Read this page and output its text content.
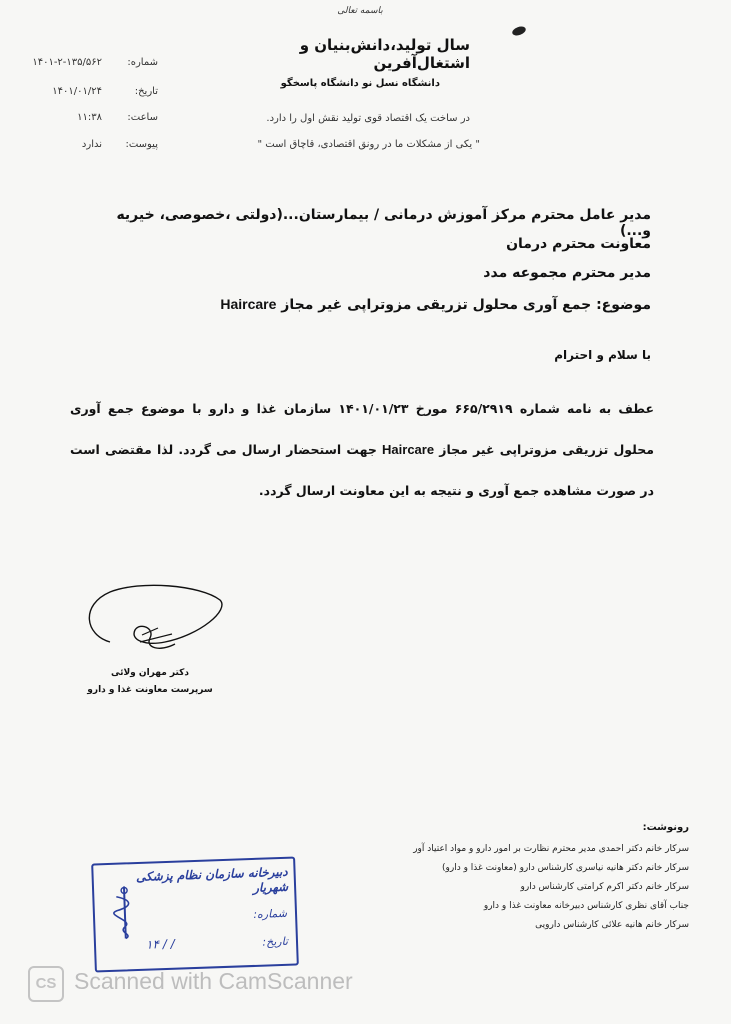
باسمه تعالی
سال تولید،دانش‌بنیان و اشتغال‌آفرین
دانشگاه نسل نو دانشگاه پاسخگو
در ساخت یک اقتصاد قوی تولید نقش اول را دارد.
" یکی از مشکلات ما در رونق اقتصادی، قاچاق است "
شماره:
۱۴۰۱-۲-۱۳۵/۵۶۲
تاریخ:
۱۴۰۱/۰۱/۲۴
ساعت:
۱۱:۳۸
پیوست:
ندارد
مدیر عامل محترم مرکز آموزش درمانی / بیمارستان...(دولتی ،خصوصی، خیریه و...)
معاونت محترم درمان
مدیر محترم مجموعه مدد
موضوع: جمع آوری محلول تزریقی مزوتراپی غیر مجاز Haircare
با سلام و احترام
عطف به نامه شماره ۶۶۵/۲۹۱۹ مورخ ۱۴۰۱/۰۱/۲۳ سازمان غذا و دارو با موضوع جمع آوری محلول تزریقی مزوتراپی غیر مجاز Haircare جهت استحضار ارسال می گردد. لذا مقتضی است در صورت مشاهده جمع آوری و نتیجه به این معاونت ارسال گردد.
دکتر مهران ولائی
سرپرست معاونت غذا و دارو
رونوشت:
سرکار خانم دکتر احمدی مدیر محترم نظارت بر امور دارو و مواد اعتیاد آور
سرکار خانم دکتر هانیه نیاسری کارشناس دارو (معاونت غذا و دارو)
سرکار خانم دکتر اکرم کرامتی کارشناس دارو
جناب آقای نظری کارشناس دبیرخانه معاونت غذا و دارو
سرکار خانم هانیه علائی کارشناس دارویی
دبیرخانه سازمان نظام پزشکی شهریار
شماره:
تاریخ:
۱۴ / /
CS Scanned with CamScanner
